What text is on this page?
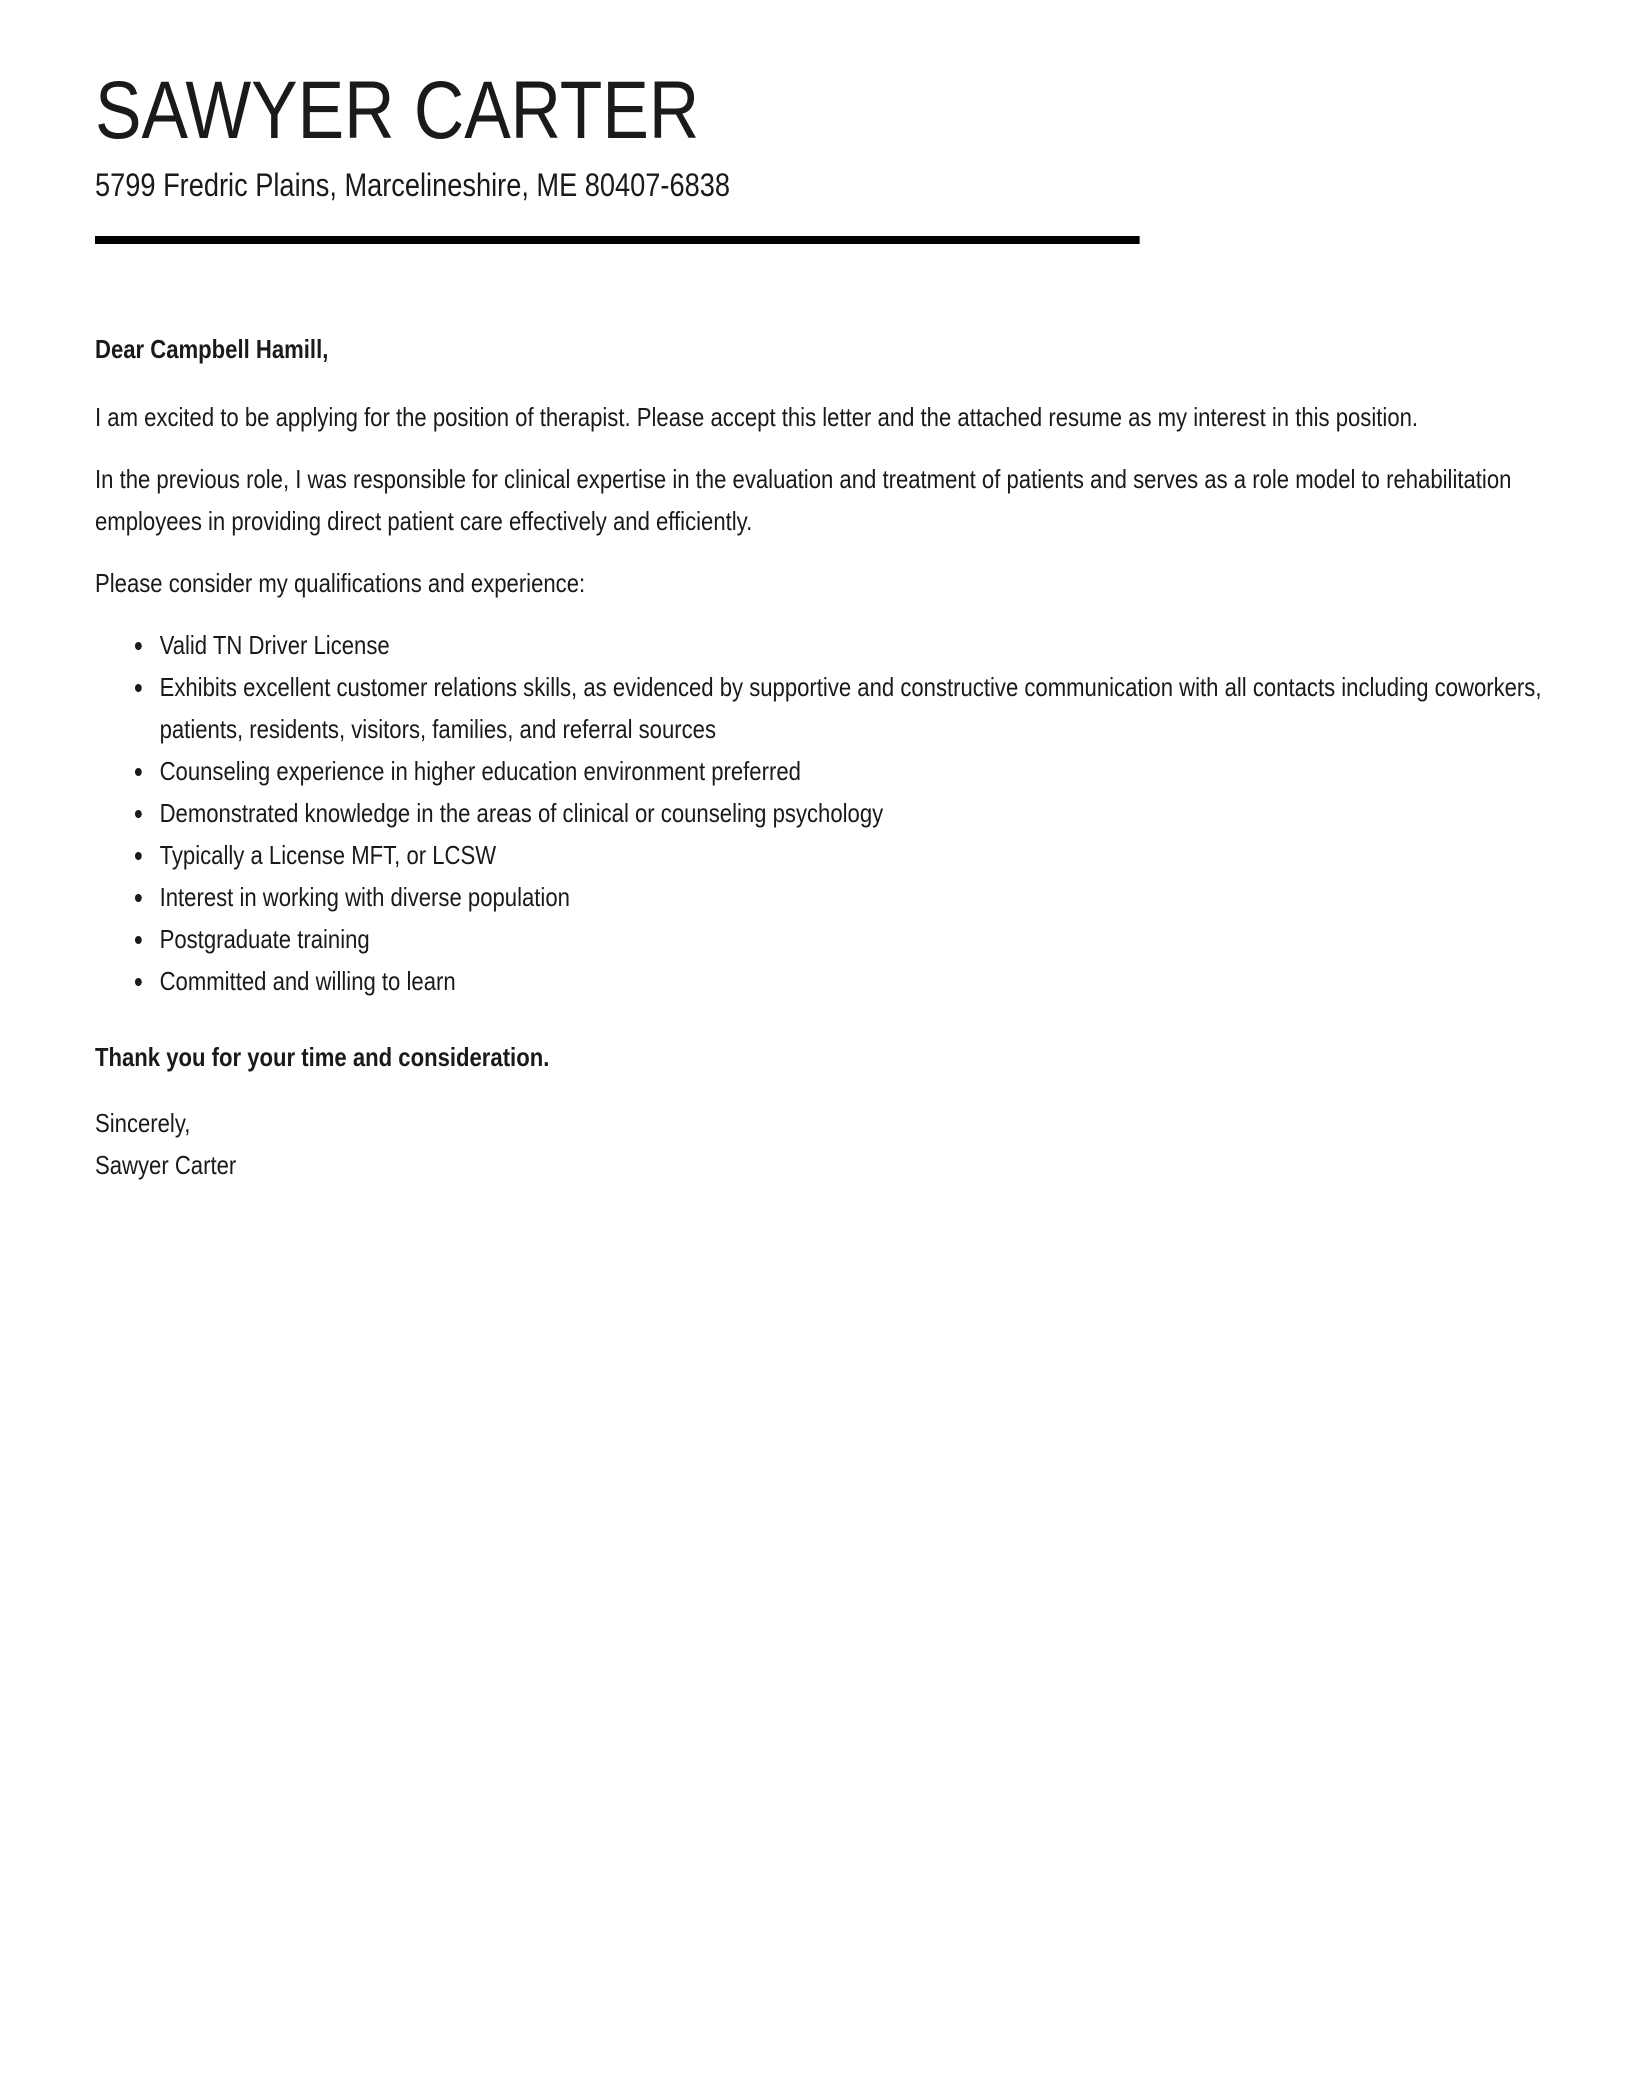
SAWYER CARTER

5799 Fredric Plains, Marcelineshire, ME 80407-6838

Dear Campbell Hamill,

I am excited to be applying for the position of therapist. Please accept this letter and the attached resume as my interest in this position.

In the previous role, I was responsible for clinical expertise in the evaluation and treatment of patients and serves as a role model to rehabilitation employees in providing direct patient care effectively and efficiently.

Please consider my qualifications and experience:

• Valid TN Driver License
• Exhibits excellent customer relations skills, as evidenced by supportive and constructive communication with all contacts including coworkers, patients, residents, visitors, families, and referral sources
• Counseling experience in higher education environment preferred
• Demonstrated knowledge in the areas of clinical or counseling psychology
• Typically a License MFT, or LCSW
• Interest in working with diverse population
• Postgraduate training
• Committed and willing to learn

Thank you for your time and consideration.

Sincerely,
Sawyer Carter
